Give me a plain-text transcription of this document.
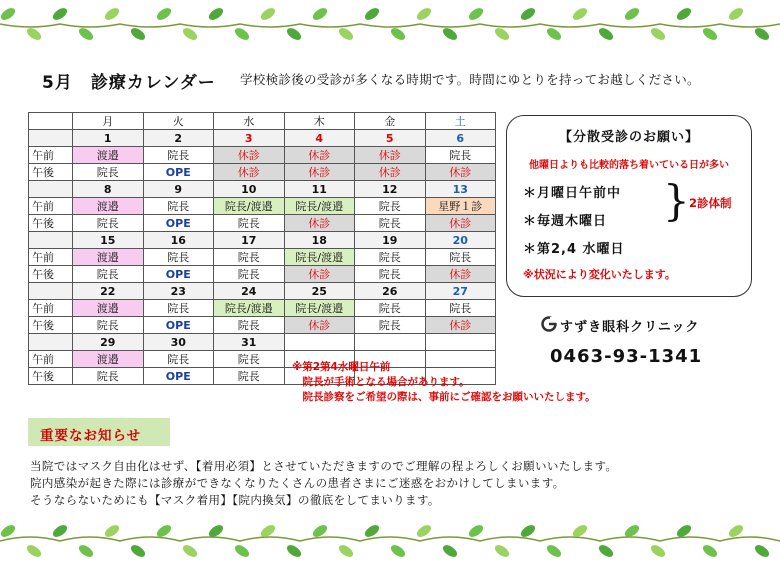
5月　診療カレンダー 学校検診後の受診が多くなる時期です。時間にゆとりを持ってお越しください。
	月	火	水	木	金	土
	1	2	3	4	5	6
午前	渡邉	院長	休診	休診	休診	院長
午後	院長	OPE	休診	休診	休診	休診
	8	9	10	11	12	13
午前	渡邉	院長	院長/渡邉	院長/渡邉	院長	星野１診
午後	院長	OPE	院長	休診	院長	休診
	15	16	17	18	19	20
午前	渡邉	院長	院長	院長/渡邉	院長	院長
午後	院長	OPE	院長	休診	院長	休診
	22	23	24	25	26	27
午前	渡邉	院長	院長/渡邉	院長/渡邉	院長	院長
午後	院長	OPE	院長	休診	院長	休診
	29	30	31			
午前	渡邉	院長	院長			
午後	院長	OPE	院長			
【分散受診のお願い】
他曜日よりも比較的落ち着いている日が多い
＊月曜日午前中
＊毎週木曜日
＊第2,4 水曜日
} 2診体制
※状況により変化いたします。
すずき眼科クリニック
0463-93-1341
※第2第4水曜日午前
　院長が手術となる場合があります。
　院長診察をご希望の際は、事前にご確認をお願いいたします。
重要なお知らせ
当院ではマスク自由化はせず、【着用必須】とさせていただきますのでご理解の程よろしくお願いいたします。
院内感染が起きた際には診療ができなくなりたくさんの患者さまにご迷惑をおかけしてしまいます。
そうならないためにも【マスク着用】【院内換気】の徹底をしてまいります。
